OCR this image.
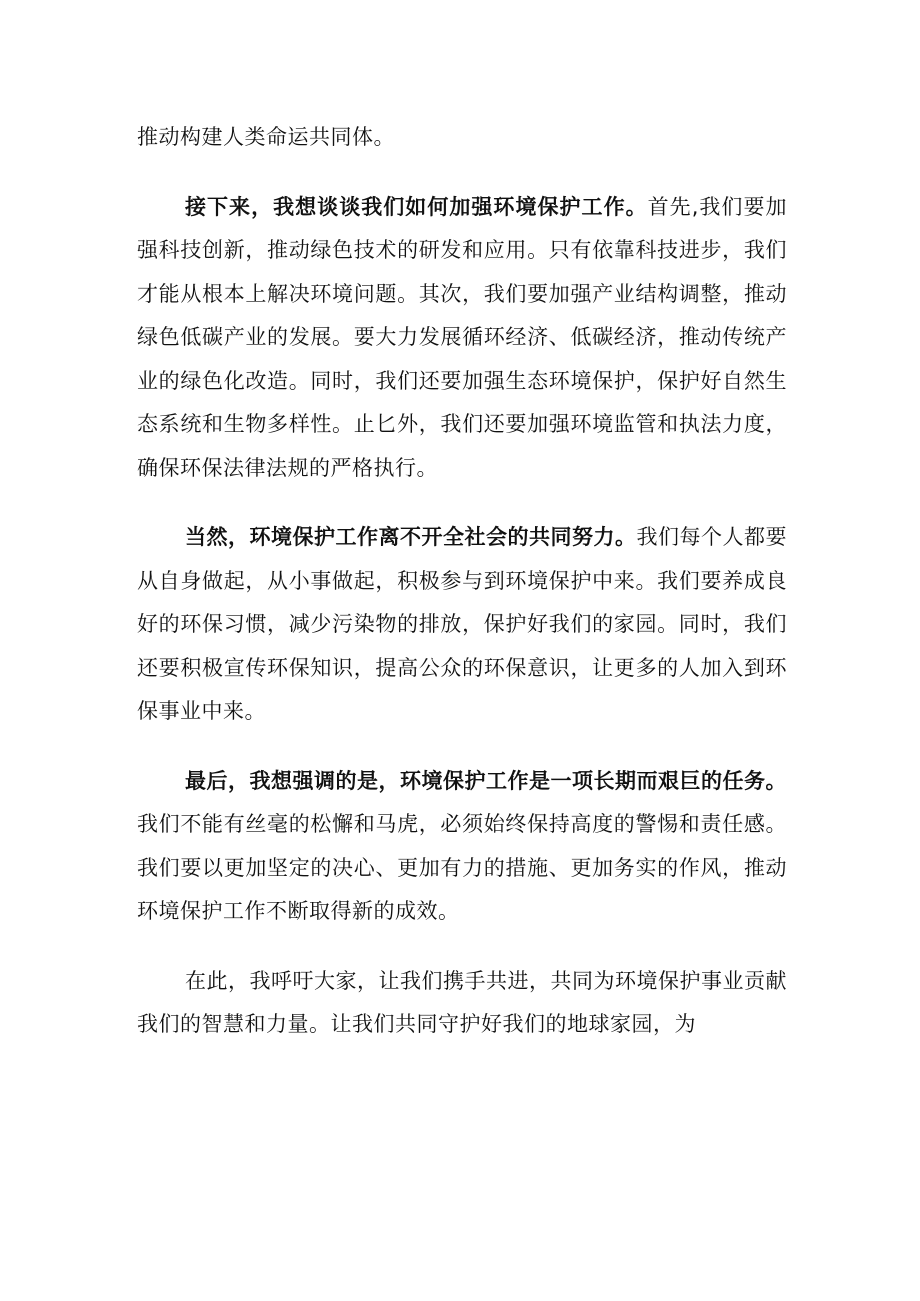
推动构建人类命运共同体。

接下来，我想谈谈我们如何加强环境保护工作。首先,我们要加强科技创新，推动绿色技术的研发和应用。只有依靠科技进步，我们才能从根本上解决环境问题。其次，我们要加强产业结构调整，推动绿色低碳产业的发展。要大力发展循环经济、低碳经济，推动传统产业的绿色化改造。同时，我们还要加强生态环境保护，保护好自然生态系统和生物多样性。止匕外，我们还要加强环境监管和执法力度，确保环保法律法规的严格执行。

当然，环境保护工作离不开全社会的共同努力。我们每个人都要从自身做起，从小事做起，积极参与到环境保护中来。我们要养成良好的环保习惯，减少污染物的排放，保护好我们的家园。同时，我们还要积极宣传环保知识，提高公众的环保意识，让更多的人加入到环保事业中来。

最后，我想强调的是，环境保护工作是一项长期而艰巨的任务。我们不能有丝毫的松懈和马虎，必须始终保持高度的警惕和责任感。我们要以更加坚定的决心、更加有力的措施、更加务实的作风，推动环境保护工作不断取得新的成效。

在此，我呼吁大家，让我们携手共进，共同为环境保护事业贡献我们的智慧和力量。让我们共同守护好我们的地球家园，为
